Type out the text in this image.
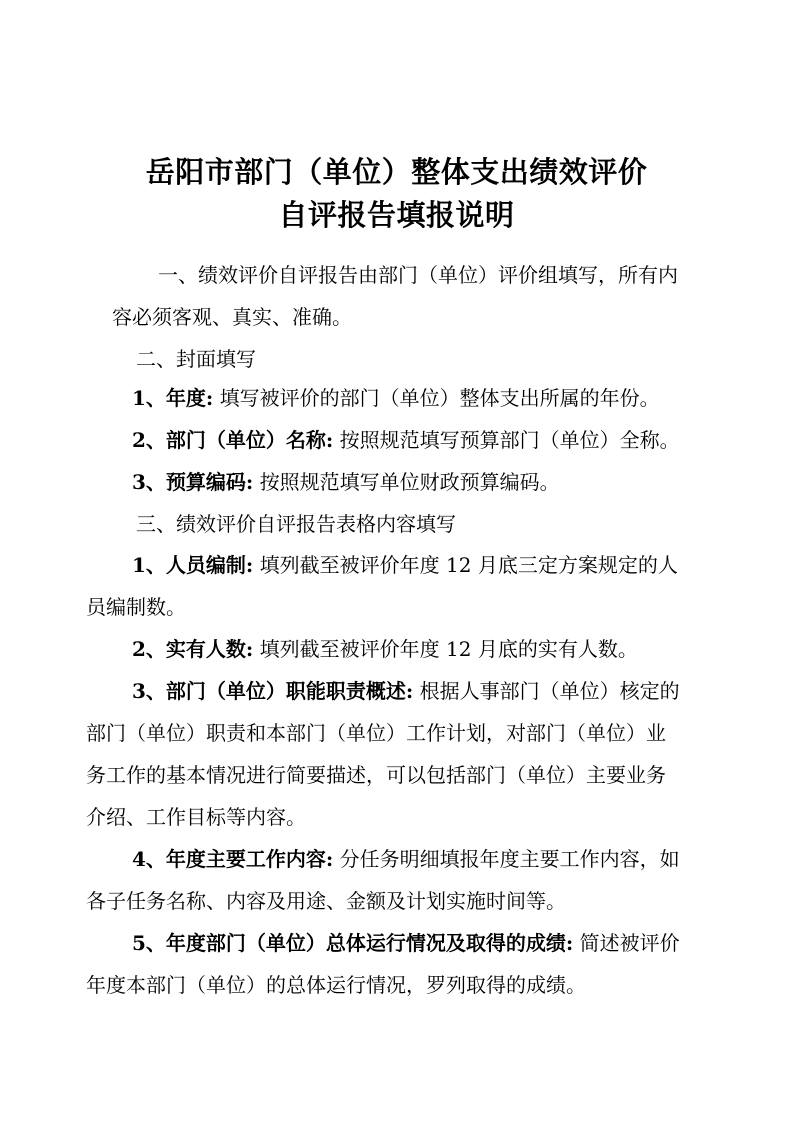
岳阳市部门（单位）整体支出绩效评价
自评报告填报说明
一、绩效评价自评报告由部门（单位）评价组填写，所有内
容必须客观、真实、准确。
二、封面填写
1、年度: 填写被评价的部门（单位）整体支出所属的年份。
2、部门（单位）名称: 按照规范填写预算部门（单位）全称。
3、预算编码: 按照规范填写单位财政预算编码。
三、绩效评价自评报告表格内容填写
1、人员编制: 填列截至被评价年度 12 月底三定方案规定的人
员编制数。
2、实有人数: 填列截至被评价年度 12 月底的实有人数。
3、部门（单位）职能职责概述: 根据人事部门（单位）核定的
部门（单位）职责和本部门（单位）工作计划，对部门（单位）业
务工作的基本情况进行简要描述，可以包括部门（单位）主要业务
介绍、工作目标等内容。
4、年度主要工作内容: 分任务明细填报年度主要工作内容，如
各子任务名称、内容及用途、金额及计划实施时间等。
5、年度部门（单位）总体运行情况及取得的成绩: 简述被评价
年度本部门（单位）的总体运行情况，罗列取得的成绩。
